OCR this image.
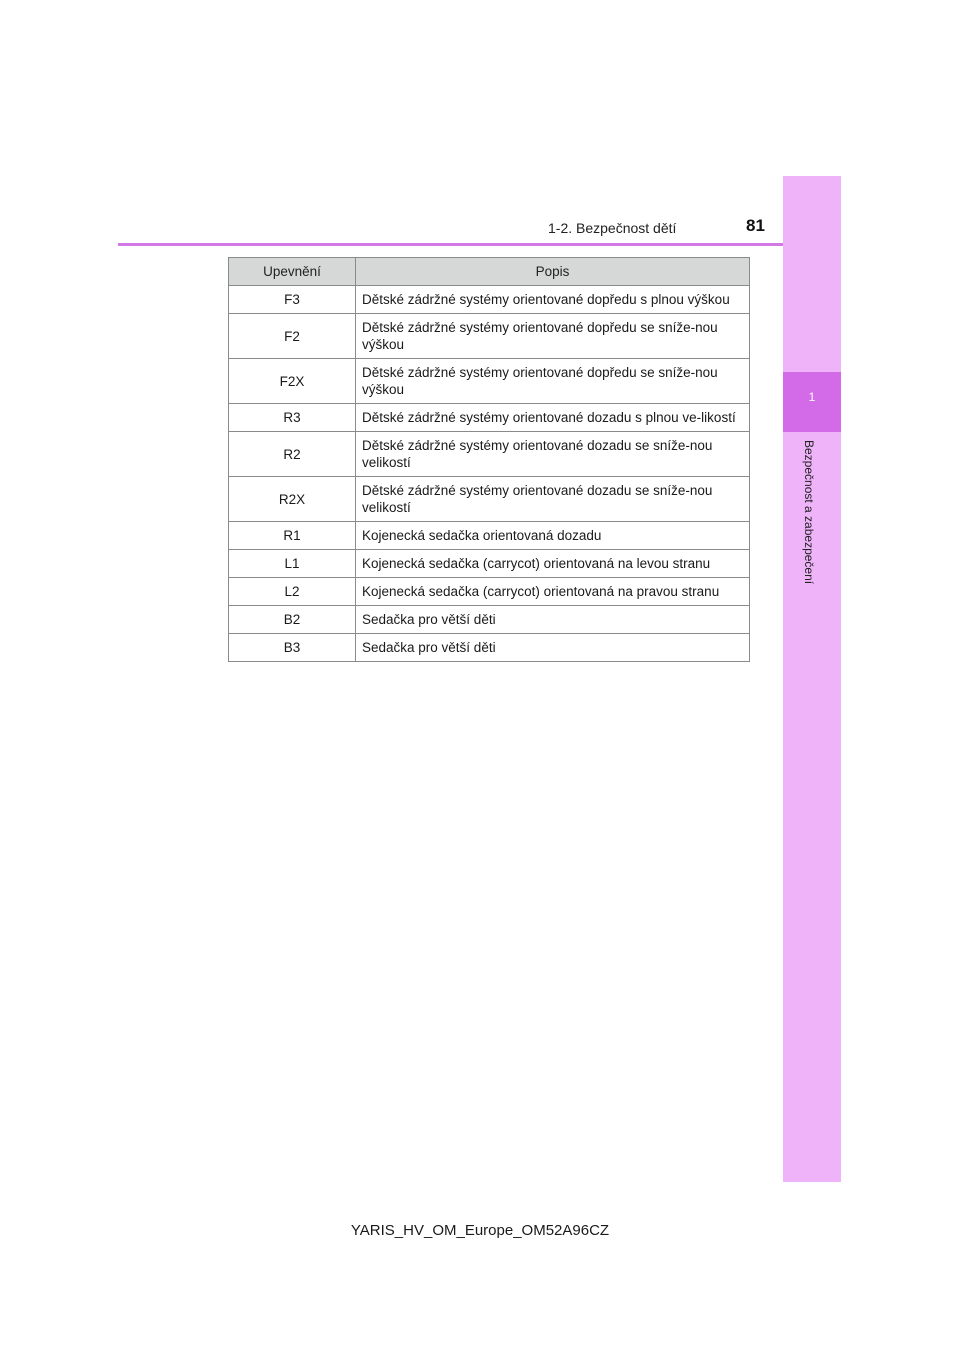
1-2. Bezpečnost dětí	81
1
Bezpečnost a zabezpečení
Upevnění	Popis
F3	Dětské zádržné systémy orientované dopředu s plnou výškou
F2	Dětské zádržné systémy orientované dopředu se sníže-nou výškou
F2X	Dětské zádržné systémy orientované dopředu se sníže-nou výškou
R3	Dětské zádržné systémy orientované dozadu s plnou ve-likostí
R2	Dětské zádržné systémy orientované dozadu se sníže-nou velikostí
R2X	Dětské zádržné systémy orientované dozadu se sníže-nou velikostí
R1	Kojenecká sedačka orientovaná dozadu
L1	Kojenecká sedačka (carrycot) orientovaná na levou stranu
L2	Kojenecká sedačka (carrycot) orientovaná na pravou stranu
B2	Sedačka pro větší děti
B3	Sedačka pro větší děti
YARIS_HV_OM_Europe_OM52A96CZ
